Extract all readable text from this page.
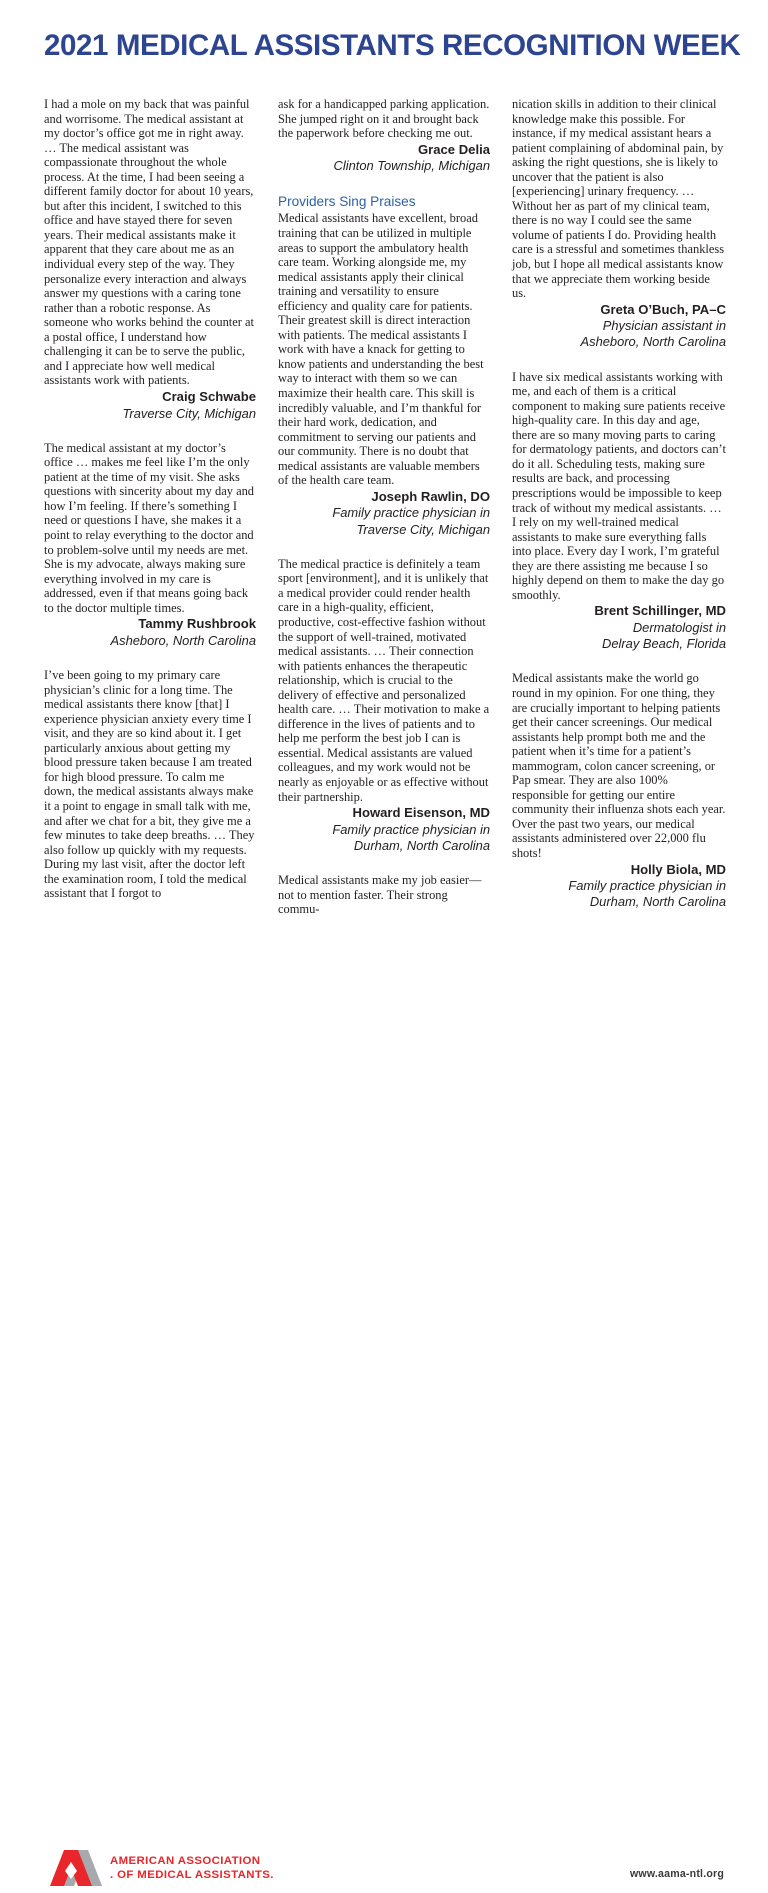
2021 MEDICAL ASSISTANTS RECOGNITION WEEK

I had a mole on my back that was painful and worrisome. The medical assistant at my doctor’s office got me in right away. … The medical assistant was compassionate throughout the whole process. At the time, I had been seeing a different family doctor for about 10 years, but after this incident, I switched to this office and have stayed there for seven years. Their medical assistants make it apparent that they care about me as an individual every step of the way. They personalize every interaction and always answer my questions with a caring tone rather than a robotic response. As someone who works behind the counter at a postal office, I understand how challenging it can be to serve the public, and I appreciate how well medical assistants work with patients.

Craig Schwabe

Traverse City, Michigan

The medical assistant at my doctor’s office … makes me feel like I’m the only patient at the time of my visit. She asks questions with sincerity about my day and how I’m feeling. If there’s something I need or questions I have, she makes it a point to relay everything to the doctor and to problem-solve until my needs are met. She is my advocate, always making sure everything involved in my care is addressed, even if that means going back to the doctor multiple times.

Tammy Rushbrook

Asheboro, North Carolina

I’ve been going to my primary care physician’s clinic for a long time. The medical assistants there know [that] I experience physician anxiety every time I visit, and they are so kind about it. I get particularly anxious about getting my blood pressure taken because I am treated for high blood pressure. To calm me down, the medical assistants always make it a point to engage in small talk with me, and after we chat for a bit, they give me a few minutes to take deep breaths. … They also follow up quickly with my requests. During my last visit, after the doctor left the examination room, I told the medical assistant that I forgot to

ask for a handicapped parking application. She jumped right on it and brought back the paperwork before checking me out.

Grace Delia

Clinton Township, Michigan

Providers Sing Praises

Medical assistants have excellent, broad training that can be utilized in multiple areas to support the ambulatory health care team. Working alongside me, my medical assistants apply their clinical training and versatility to ensure efficiency and quality care for patients. Their greatest skill is direct interaction with patients. The medical assistants I work with have a knack for getting to know patients and understanding the best way to interact with them so we can maximize their health care. This skill is incredibly valuable, and I’m thankful for their hard work, dedication, and commitment to serving our patients and our community. There is no doubt that medical assistants are valuable members of the health care team.

Joseph Rawlin, DO

Family practice physician in
Traverse City, Michigan

The medical practice is definitely a team sport [environment], and it is unlikely that a medical provider could render health care in a high-quality, efficient, productive, cost-effective fashion without the support of well-trained, motivated medical assistants. … Their connection with patients enhances the therapeutic relationship, which is crucial to the delivery of effective and personalized health care. … Their motivation to make a difference in the lives of patients and to help me perform the best job I can is essential. Medical assistants are valued colleagues, and my work would not be nearly as enjoyable or as effective without their partnership.

Howard Eisenson, MD

Family practice physician in
Durham, North Carolina

Medical assistants make my job easier—not to mention faster. Their strong commu-

nication skills in addition to their clinical knowledge make this possible. For instance, if my medical assistant hears a patient complaining of abdominal pain, by asking the right questions, she is likely to uncover that the patient is also [experiencing] urinary frequency. … Without her as part of my clinical team, there is no way I could see the same volume of patients I do. Providing health care is a stressful and sometimes thankless job, but I hope all medical assistants know that we appreciate them working beside us.

Greta O’Buch, PA–C

Physician assistant in
Asheboro, North Carolina

I have six medical assistants working with me, and each of them is a critical component to making sure patients receive high-quality care. In this day and age, there are so many moving parts to caring for dermatology patients, and doctors can’t do it all. Scheduling tests, making sure results are back, and processing prescriptions would be impossible to keep track of without my medical assistants. … I rely on my well-trained medical assistants to make sure everything falls into place. Every day I work, I’m grateful they are there assisting me because I so highly depend on them to make the day go smoothly.

Brent Schillinger, MD

Dermatologist in
Delray Beach, Florida

Medical assistants make the world go round in my opinion. For one thing, they are crucially important to helping patients get their cancer screenings. Our medical assistants help prompt both me and the patient when it’s time for a patient’s mammogram, colon cancer screening, or Pap smear. They are also 100% responsible for getting our entire community their influenza shots each year. Over the past two years, our medical assistants administered over 22,000 flu shots!

Holly Biola, MD

Family practice physician in
Durham, North Carolina

AMERICAN ASSOCIATION
. OF MEDICAL ASSISTANTS.	www.aama-ntl.org
